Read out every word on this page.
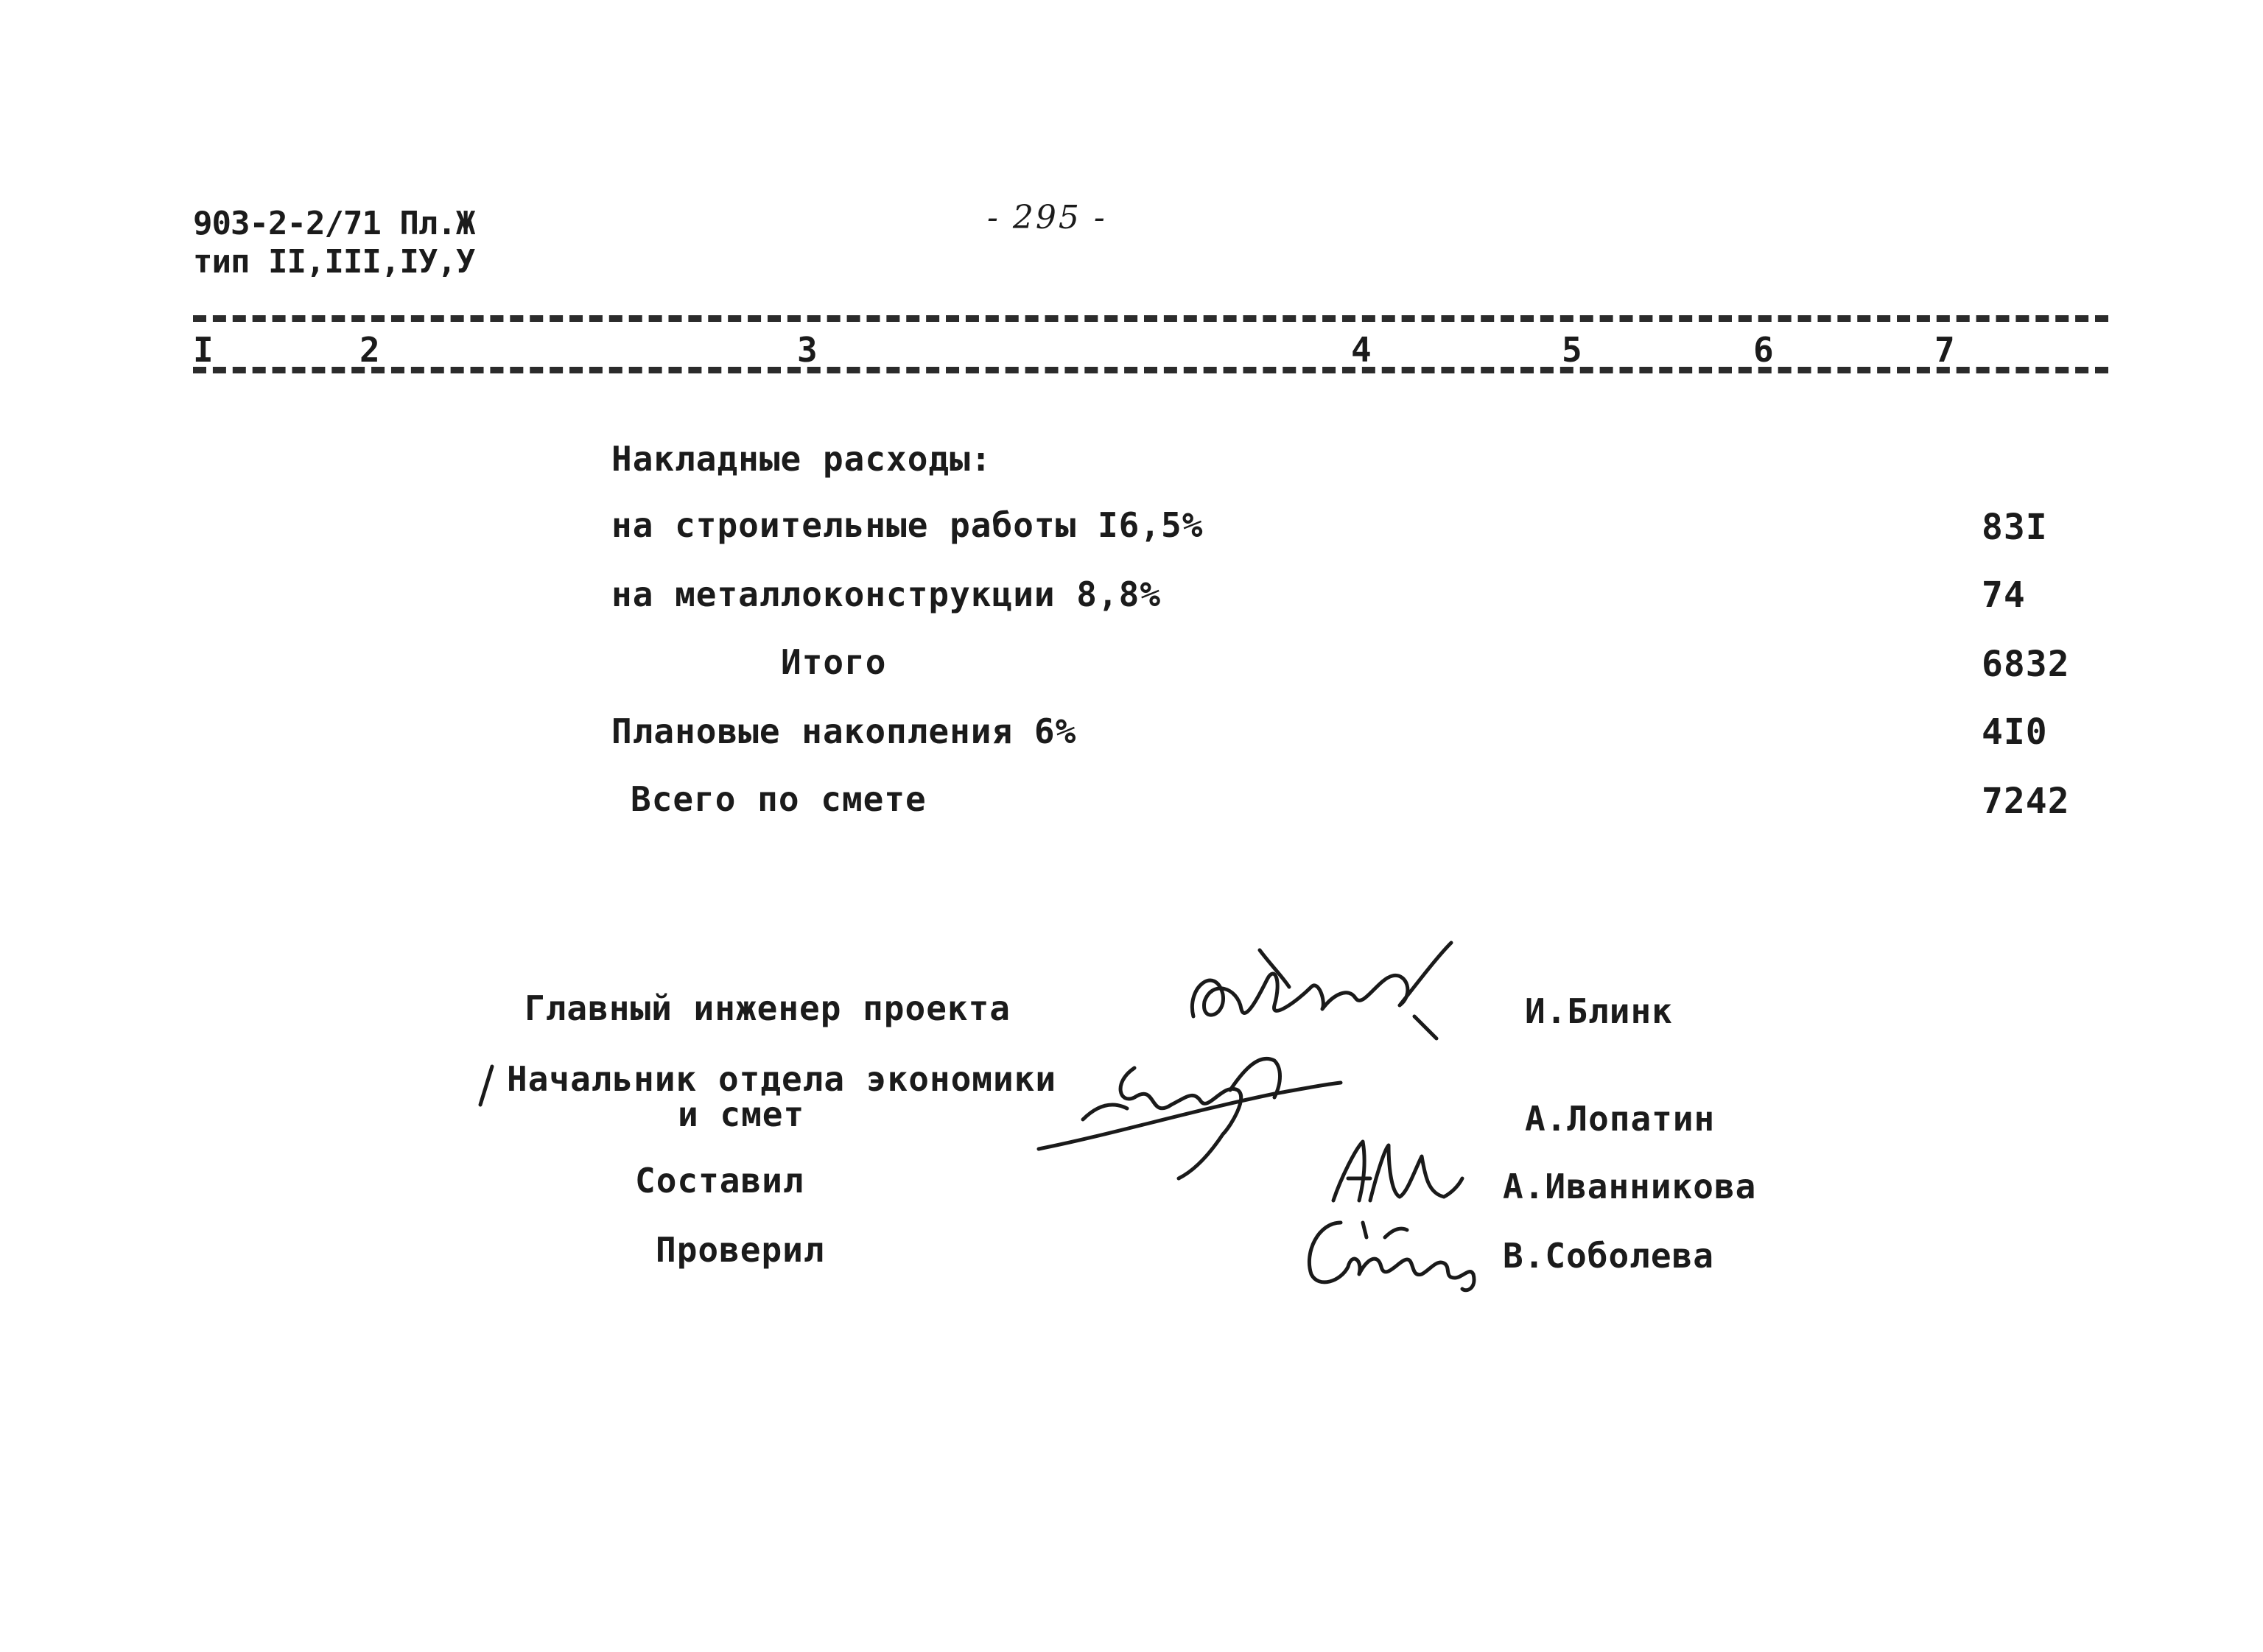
903-2-2/71 Пл.Ж
тип II,III,IУ,У
- 295 -
I	2	3	4	5	6	7
Накладные расходы:
на строительные работы I6,5%	83I
на металлоконструкции 8,8%	74
Итого	6832
Плановые накопления 6%	4I0
Всего по смете	7242
Главный инженер проекта
Начальник отдела экономики
и смет
Составил
Проверил
И.Блинк
А.Лопатин
А.Иванникова
В.Соболева
